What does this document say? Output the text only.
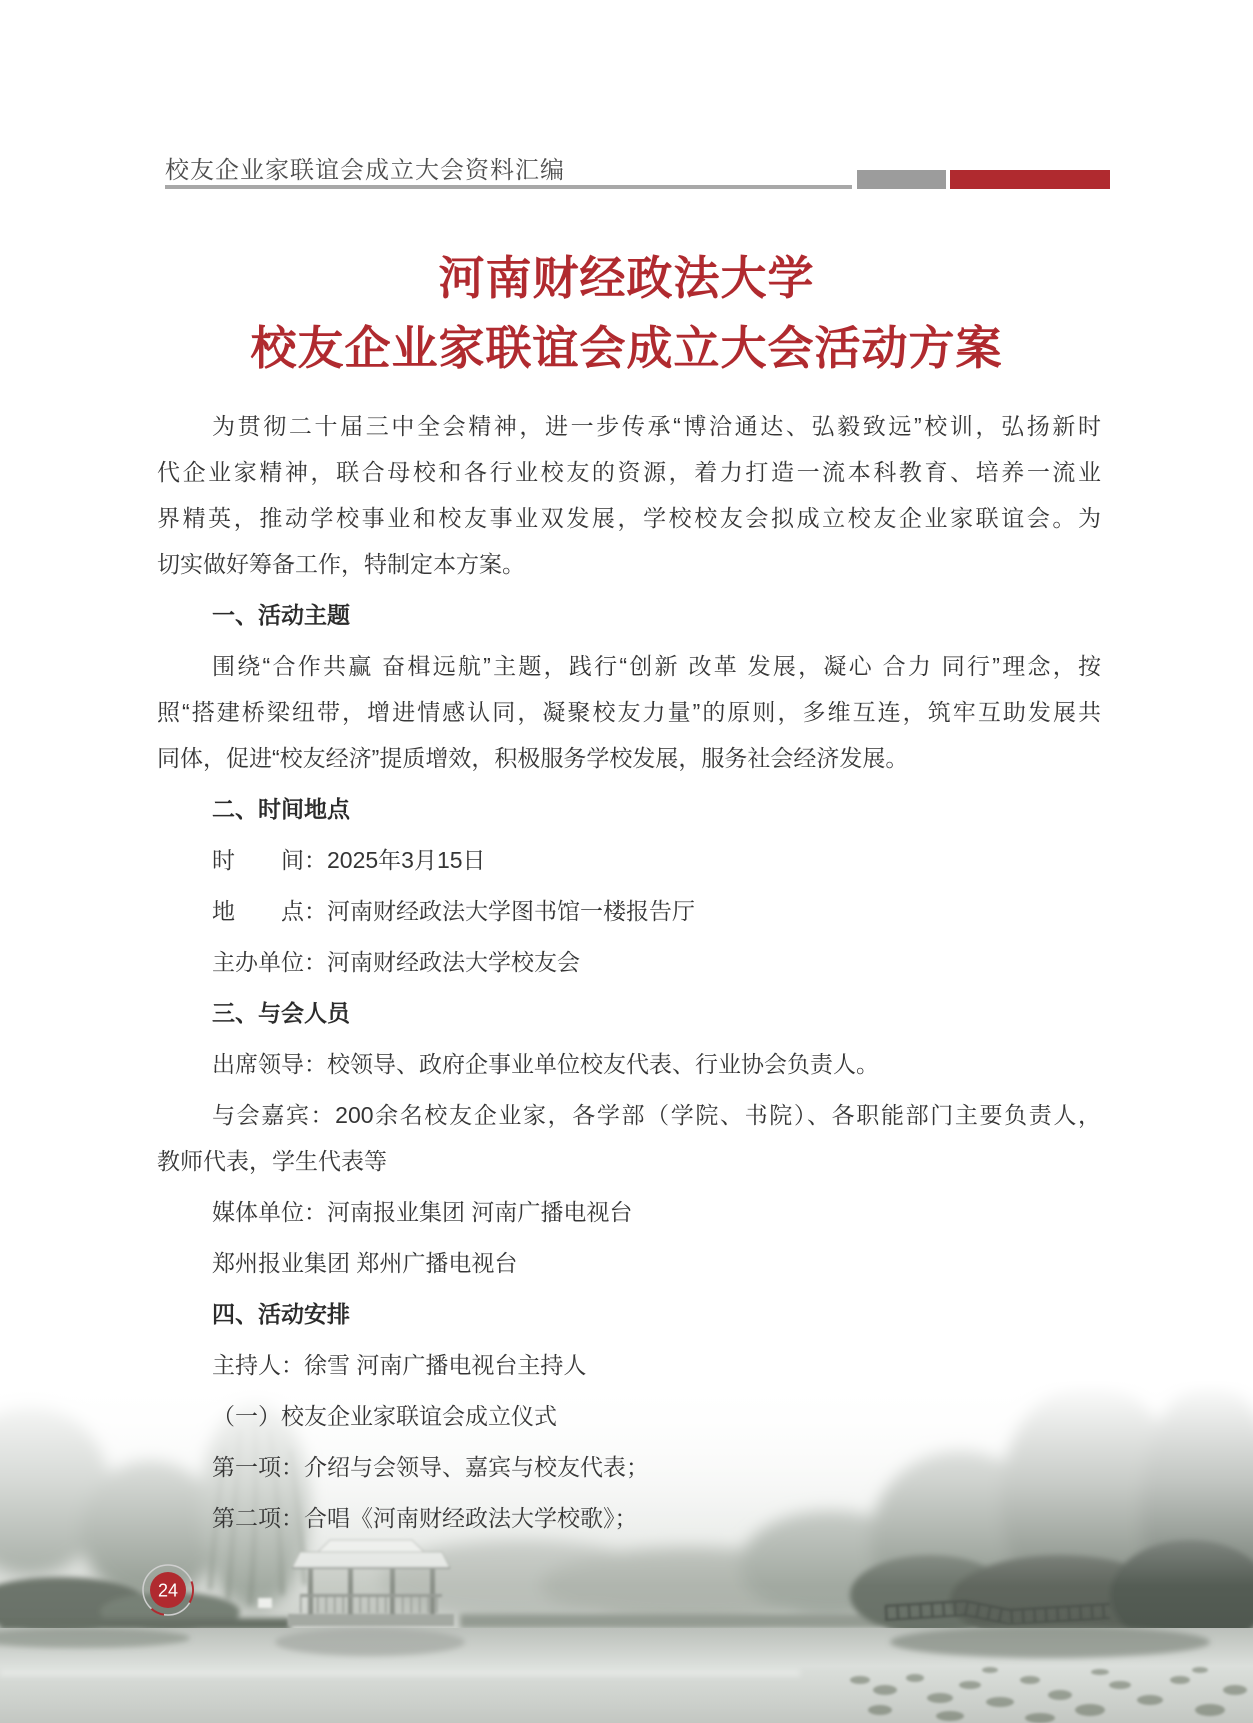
校友企业家联谊会成立大会资料汇编
河南财经政法大学
校友企业家联谊会成立大会活动方案
为贯彻二十届三中全会精神，进一步传承“博洽通达、弘毅致远”校训，弘扬新时
代企业家精神，联合母校和各行业校友的资源，着力打造一流本科教育、培养一流业
界精英，推动学校事业和校友事业双发展，学校校友会拟成立校友企业家联谊会。为
切实做好筹备工作，特制定本方案。
一、活动主题
围绕“合作共赢 奋楫远航”主题，践行“创新 改革 发展，凝心 合力 同行”理念，按
照“搭建桥梁纽带，增进情感认同，凝聚校友力量”的原则，多维互连，筑牢互助发展共
同体，促进“校友经济”提质增效，积极服务学校发展，服务社会经济发展。
二、时间地点
时　　间：2025年3月15日
地　　点：河南财经政法大学图书馆一楼报告厅
主办单位：河南财经政法大学校友会
三、与会人员
出席领导：校领导、政府企事业单位校友代表、行业协会负责人。
与会嘉宾：200余名校友企业家，各学部（学院、书院）、各职能部门主要负责人，
教师代表，学生代表等
媒体单位：河南报业集团 河南广播电视台
郑州报业集团 郑州广播电视台
四、活动安排
主持人：徐雪 河南广播电视台主持人
（一）校友企业家联谊会成立仪式
第一项：介绍与会领导、嘉宾与校友代表；
第二项：合唱《河南财经政法大学校歌》；
24
